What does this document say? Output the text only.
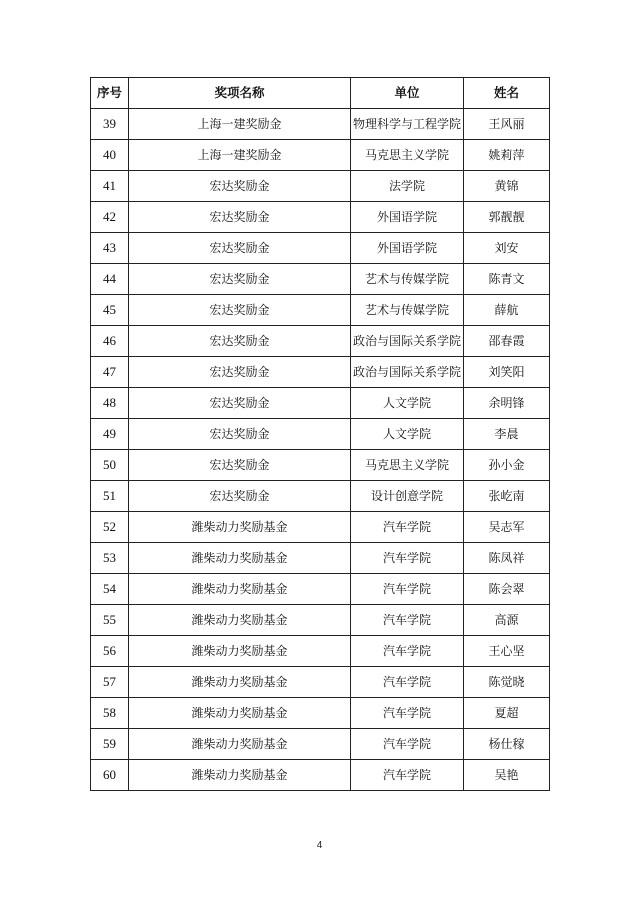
序号	奖项名称	单位	姓名
39	上海一建奖励金	物理科学与工程学院	王风丽
40	上海一建奖励金	马克思主义学院	姚莉萍
41	宏达奖励金	法学院	黄锦
42	宏达奖励金	外国语学院	郭靓靓
43	宏达奖励金	外国语学院	刘安
44	宏达奖励金	艺术与传媒学院	陈青文
45	宏达奖励金	艺术与传媒学院	薛航
46	宏达奖励金	政治与国际关系学院	邵春霞
47	宏达奖励金	政治与国际关系学院	刘笑阳
48	宏达奖励金	人文学院	余明锋
49	宏达奖励金	人文学院	李晨
50	宏达奖励金	马克思主义学院	孙小金
51	宏达奖励金	设计创意学院	张屹南
52	潍柴动力奖励基金	汽车学院	吴志军
53	潍柴动力奖励基金	汽车学院	陈凤祥
54	潍柴动力奖励基金	汽车学院	陈会翠
55	潍柴动力奖励基金	汽车学院	高源
56	潍柴动力奖励基金	汽车学院	王心坚
57	潍柴动力奖励基金	汽车学院	陈觉晓
58	潍柴动力奖励基金	汽车学院	夏超
59	潍柴动力奖励基金	汽车学院	杨仕稼
60	潍柴动力奖励基金	汽车学院	吴艳
4
